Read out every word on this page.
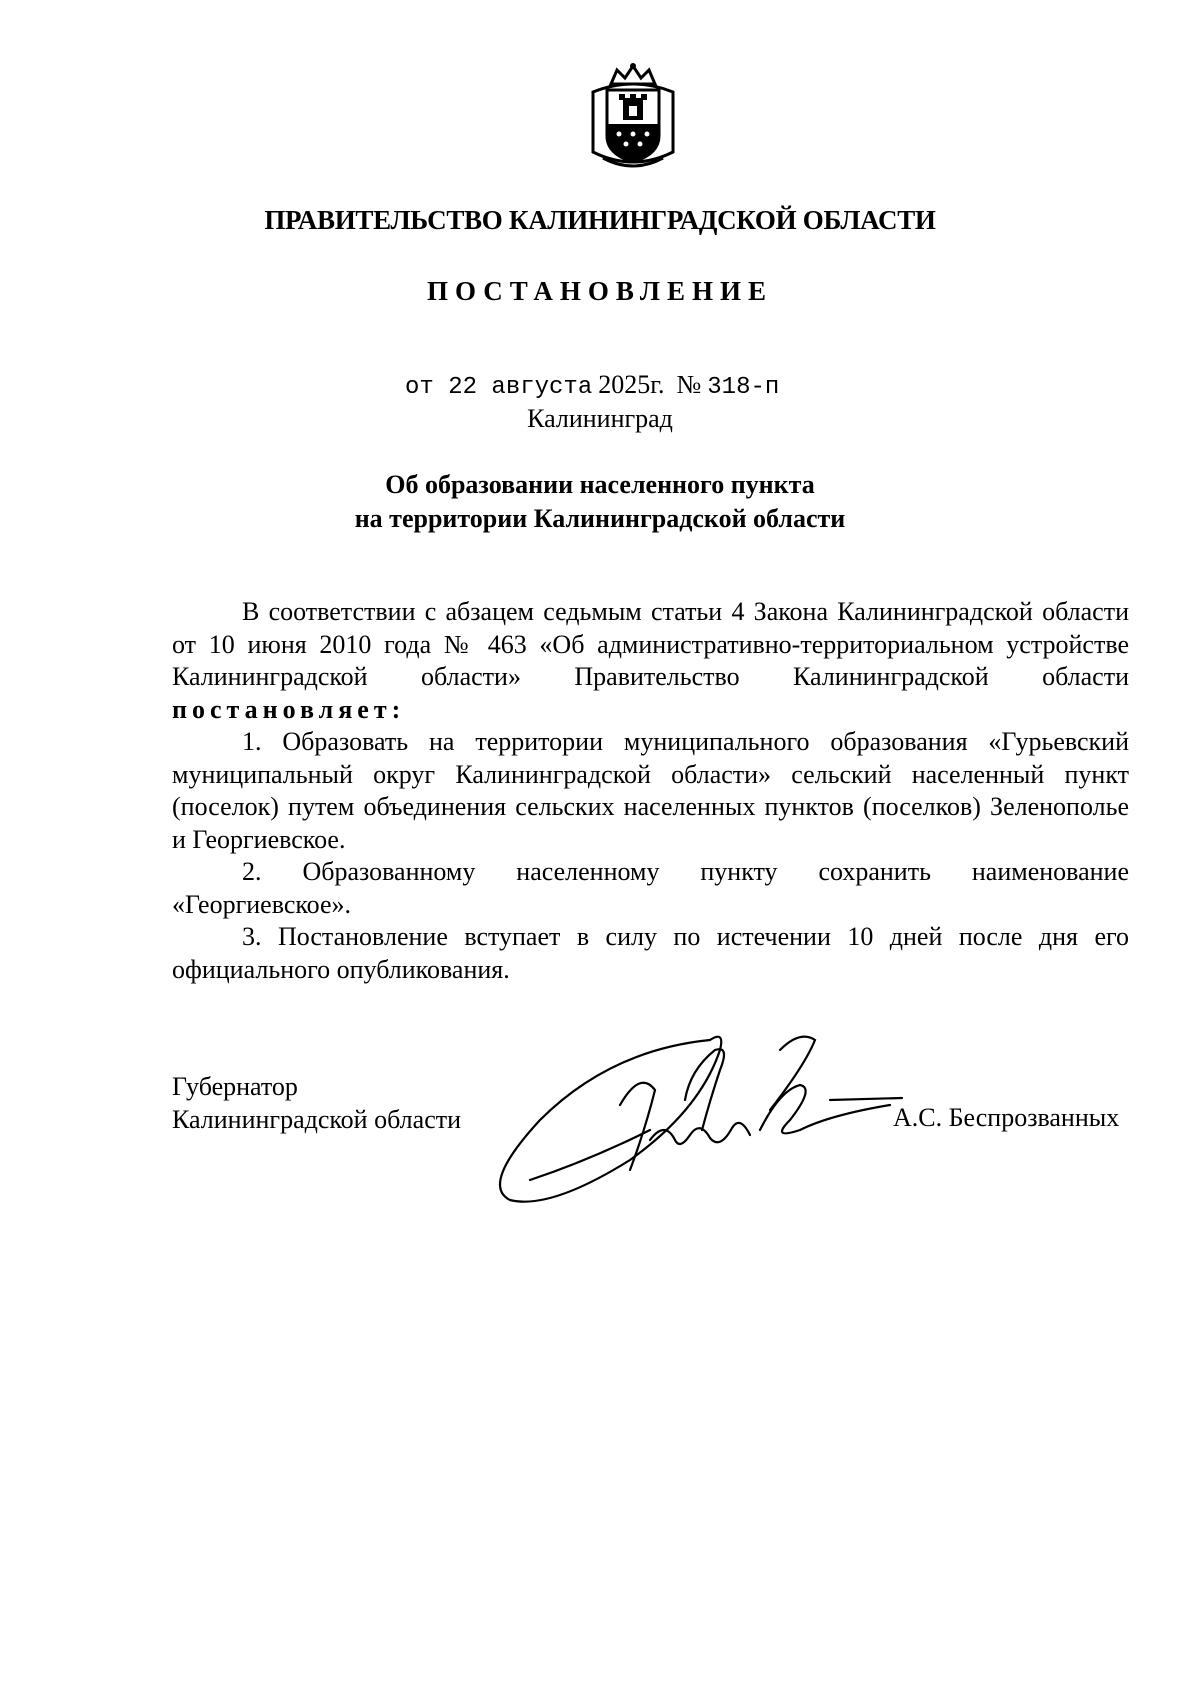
ПРАВИТЕЛЬСТВО КАЛИНИНГРАДСКОЙ ОБЛАСТИ
ПОСТАНОВЛЕНИЕ
от 22 августа 2025г. № 318-п
Калининград
Об образовании населенного пункта
на территории Калининградской области

В соответствии с абзацем седьмым статьи 4 Закона Калининградской области от 10 июня 2010 года № 463 «Об административно-территориальном устройстве Калининградской области» Правительство Калининградской области постановляет:

1. Образовать на территории муниципального образования «Гурьевский муниципальный округ Калининградской области» сельский населенный пункт (поселок) путем объединения сельских населенных пунктов (поселков) Зеленополье и Георгиевское.

2. Образованному населенному пункту сохранить наименование «Георгиевское».

3. Постановление вступает в силу по истечении 10 дней после дня его официального опубликования.

Губернатор
Калининградской области	А.С. Беспрозванных
